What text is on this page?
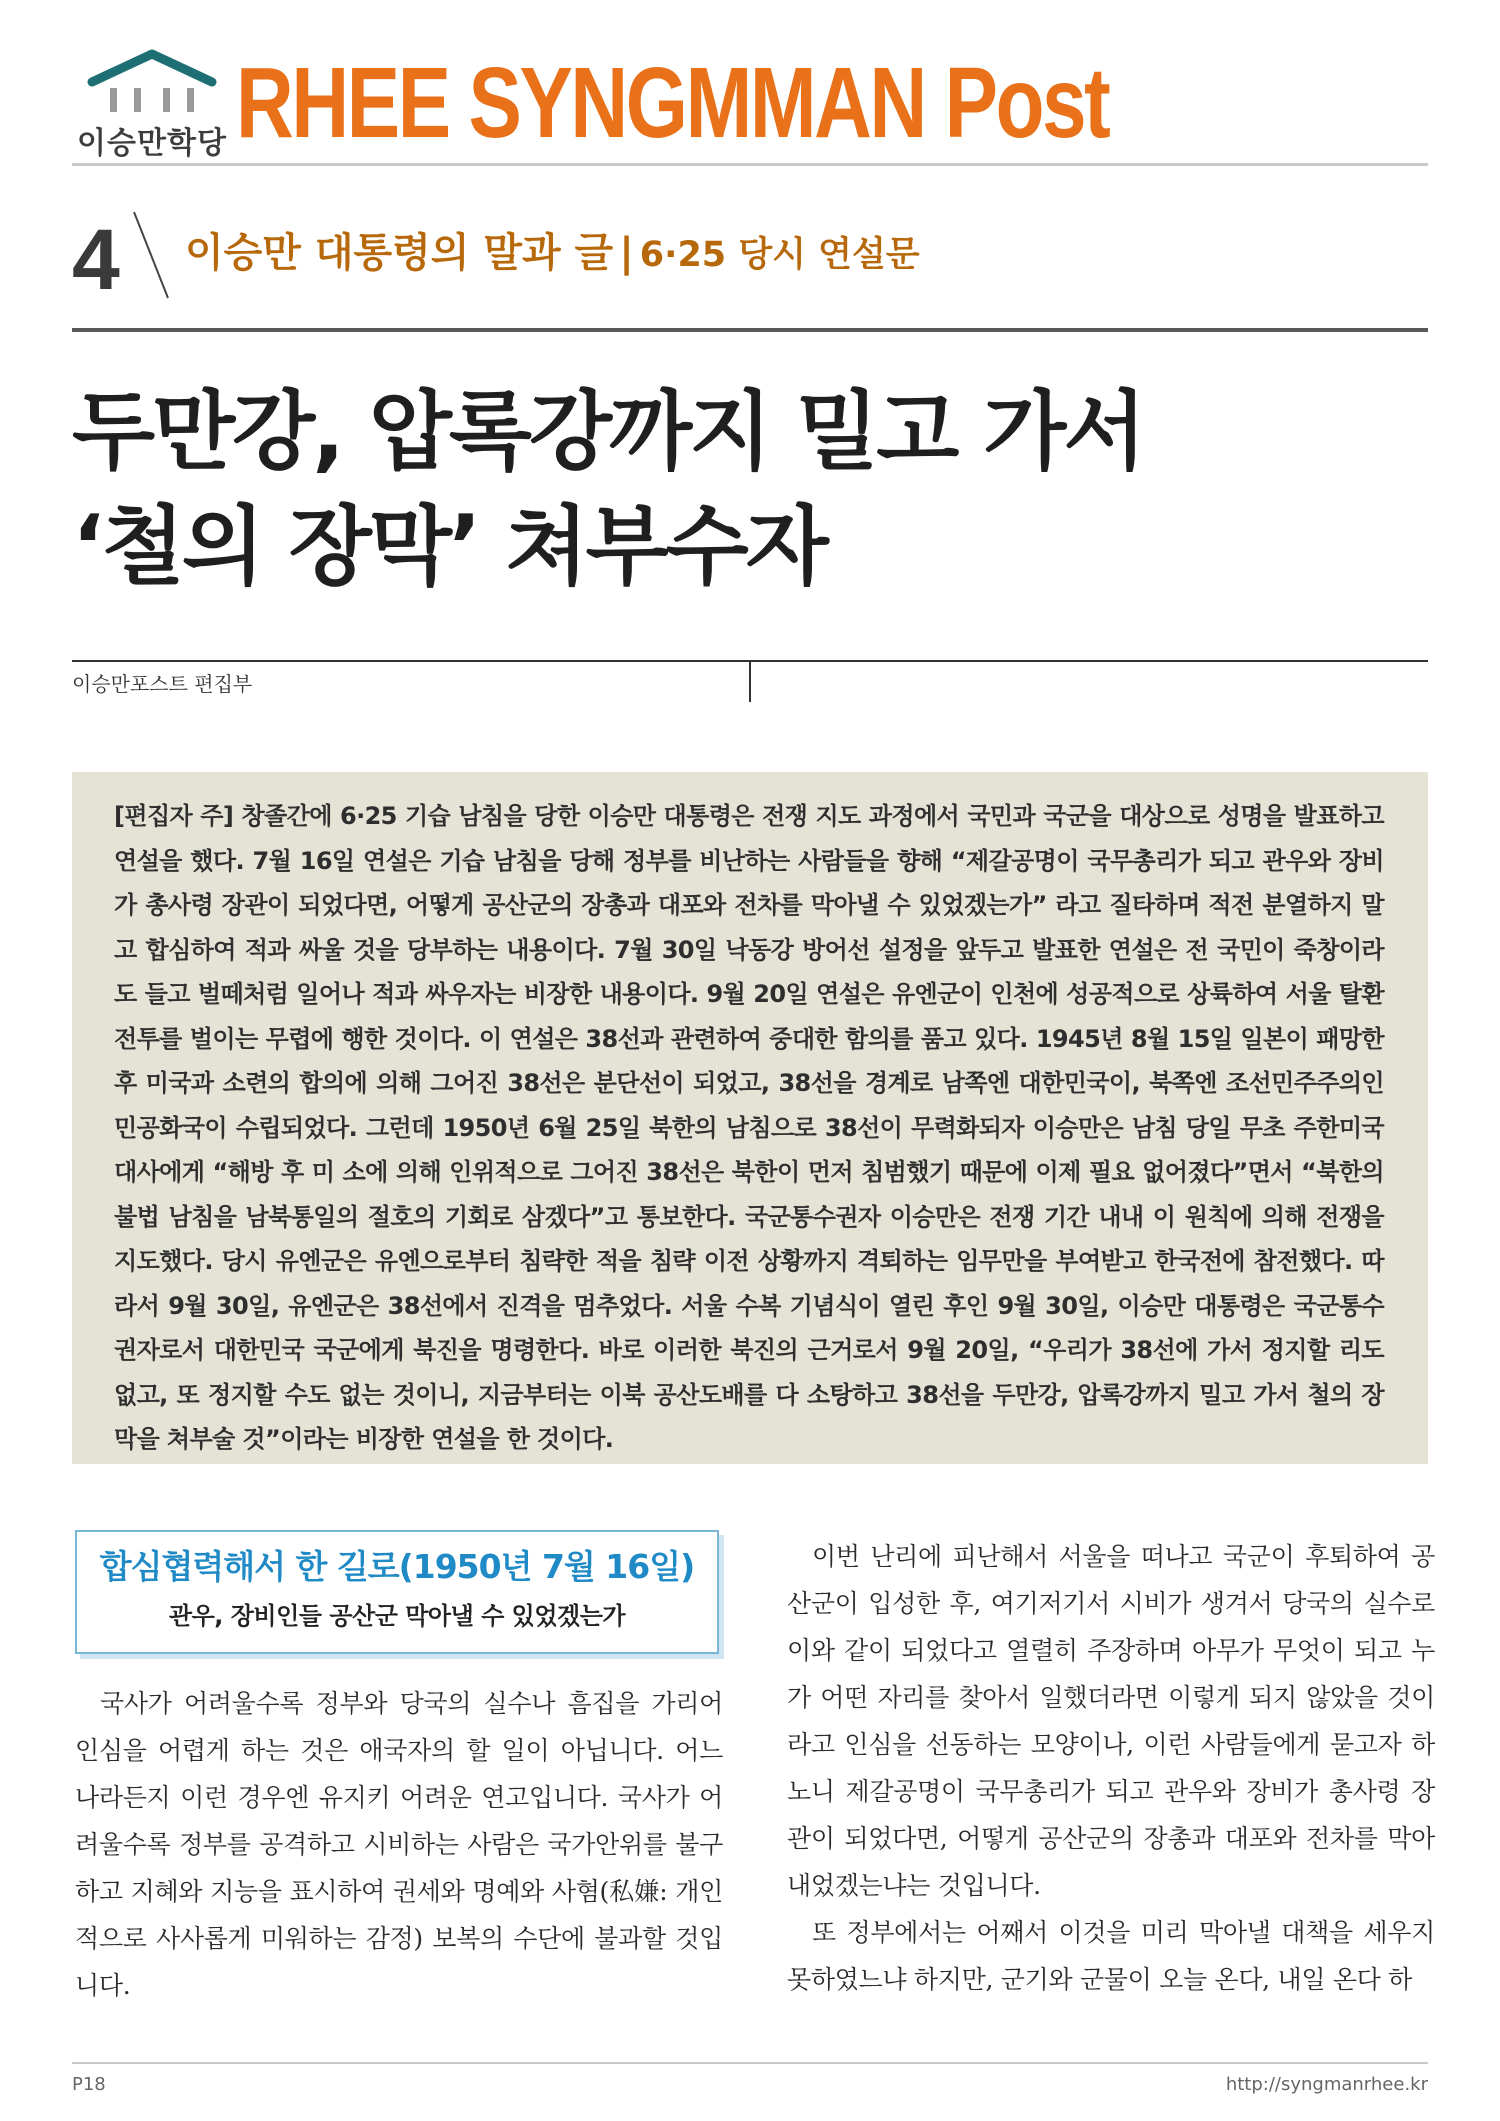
이승만학당 RHEE SYNGMMAN Post
4 이승만 대통령의 말과 글 | 6·25 당시 연설문
두만강, 압록강까지 밀고 가서
‘철의 장막’ 쳐부수자
이승만포스트 편집부
[편집자 주] 창졸간에 6·25 기습 남침을 당한 이승만 대통령은 전쟁 지도 과정에서 국민과 국군을 대상으로 성명을 발표하고 연설을 했다. 7월 16일 연설은 기습 남침을 당해 정부를 비난하는 사람들을 향해 “제갈공명이 국무총리가 되고 관우와 장비가 총사령 장관이 되었다면, 어떻게 공산군의 장총과 대포와 전차를 막아낼 수 있었겠는가” 라고 질타하며 적전 분열하지 말고 합심하여 적과 싸울 것을 당부하는 내용이다. 7월 30일 낙동강 방어선 설정을 앞두고 발표한 연설은 전 국민이 죽창이라도 들고 벌떼처럼 일어나 적과 싸우자는 비장한 내용이다. 9월 20일 연설은 유엔군이 인천에 성공적으로 상륙하여 서울 탈환 전투를 벌이는 무렵에 행한 것이다. 이 연설은 38선과 관련하여 중대한 함의를 품고 있다. 1945년 8월 15일 일본이 패망한 후 미국과 소련의 합의에 의해 그어진 38선은 분단선이 되었고, 38선을 경계로 남쪽엔 대한민국이, 북쪽엔 조선민주주의인민공화국이 수립되었다. 그런데 1950년 6월 25일 북한의 남침으로 38선이 무력화되자 이승만은 남침 당일 무초 주한미국대사에게 “해방 후 미 소에 의해 인위적으로 그어진 38선은 북한이 먼저 침범했기 때문에 이제 필요 없어졌다”면서 “북한의 불법 남침을 남북통일의 절호의 기회로 삼겠다”고 통보한다. 국군통수권자 이승만은 전쟁 기간 내내 이 원칙에 의해 전쟁을 지도했다. 당시 유엔군은 유엔으로부터 침략한 적을 침략 이전 상황까지 격퇴하는 임무만을 부여받고 한국전에 참전했다. 따라서 9월 30일, 유엔군은 38선에서 진격을 멈추었다. 서울 수복 기념식이 열린 후인 9월 30일, 이승만 대통령은 국군통수권자로서 대한민국 국군에게 북진을 명령한다. 바로 이러한 북진의 근거로서 9월 20일, “우리가 38선에 가서 정지할 리도 없고, 또 정지할 수도 없는 것이니, 지금부터는 이북 공산도배를 다 소탕하고 38선을 두만강, 압록강까지 밀고 가서 철의 장막을 쳐부술 것”이라는 비장한 연설을 한 것이다.
합심협력해서 한 길로(1950년 7월 16일)
관우, 장비인들 공산군 막아낼 수 있었겠는가

국사가 어려울수록 정부와 당국의 실수나 흠집을 가리어 인심을 어렵게 하는 것은 애국자의 할 일이 아닙니다. 어느 나라든지 이런 경우엔 유지키 어려운 연고입니다. 국사가 어려울수록 정부를 공격하고 시비하는 사람은 국가안위를 불구하고 지혜와 지능을 표시하여 권세와 명예와 사혐(私嫌: 개인적으로 사사롭게 미워하는 감정) 보복의 수단에 불과할 것입니다.

이번 난리에 피난해서 서울을 떠나고 국군이 후퇴하여 공산군이 입성한 후, 여기저기서 시비가 생겨서 당국의 실수로 이와 같이 되었다고 열렬히 주장하며 아무가 무엇이 되고 누가 어떤 자리를 찾아서 일했더라면 이렇게 되지 않았을 것이라고 인심을 선동하는 모양이나, 이런 사람들에게 묻고자 하노니 제갈공명이 국무총리가 되고 관우와 장비가 총사령 장관이 되었다면, 어떻게 공산군의 장총과 대포와 전차를 막아내었겠는냐는 것입니다.

또 정부에서는 어째서 이것을 미리 막아낼 대책을 세우지 못하였느냐 하지만, 군기와 군물이 오늘 온다, 내일 온다 하

P18	http://syngmanrhee.kr
